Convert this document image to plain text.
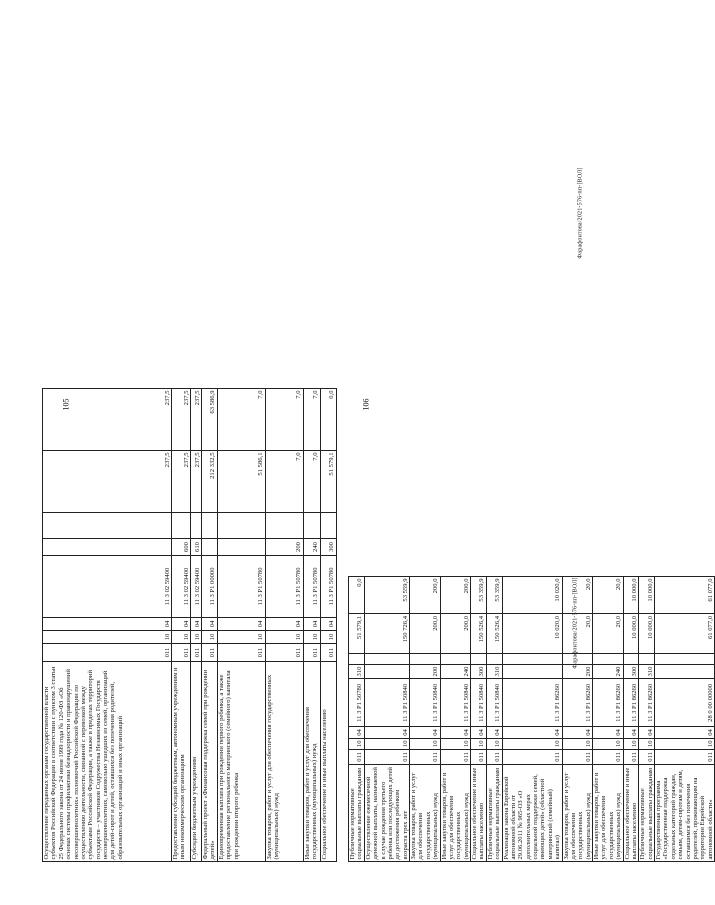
105
Фарафонтова/2021-576-пп-[ВОЛ]
Осуществление переданных органам государственной власти субъектов Российской Федерации в соответствии с пунктом 3 статьи 25 Федерального закона от 24 июня 1999 года № 120-ФЗ «Об основах системы профилактики безнадзорности и правонарушений несовершеннолетних» полномочий Российской Федерации по осуществлению деятельности, связанной с перевозкой между субъектами Российской Федерации, а также в пределах территорий государств – участников Содружества Независимых Государств несовершеннолетних, самовольно ушедших из семей, организаций для детей-сирот и детей, оставшихся без попечения родителей, образовательных организаций и иных организаций	011	10	04	11 3 02 59400			237,5	237,5
Предоставление субсидий бюджетным, автономным учреждениям и иным некоммерческим организациям	011	10	04	11 3 02 59400	600		237,5	237,5
Субсидии бюджетным учреждениям	011	10	04	11 3 02 59400	610		237,5	237,5
Федеральный проект «Финансовая поддержка семей при рождении детей»	011	10	04	11 3 P1 00000			212 332,5	63 586,9
Единовременная выплата при рождении первого ребенка, а также предоставление регионального материнского (семейного) капитала при рождении второго ребенка	011	10	04	11 3 P1 50780			51 586,1	7,0
Закупка товаров, работ и услуг для обеспечения государственных (муниципальных) нужд	011	10	04	11 3 P1 50780	200		7,0	7,0
Иные закупки товаров, работ и услуг для обеспечения государственных (муниципальных) нужд	011	10	04	11 3 P1 50780	240		7,0	7,0
Социальное обеспечение и иные выплаты населению	011	10	04	11 3 P1 50780	300		51 579,1	0,0
106
Фарафонтова/2021-576-пп-[ВОЛ]
Публичные нормативные социальные выплаты гражданам	011	10	04	11 3 P1 50780	310		51 579,1	0,0
Осуществление ежемесячной денежной выплаты, назначаемой в случае рождения третьего ребенка или последующих детей до достижения ребенком возраста трех лет	011	10	04	11 3 P1 50840			150 726,4	53 559,9
Закупка товаров, работ и услуг для обеспечения государственных (муниципальных) нужд	011	10	04	11 3 P1 50840	200		200,0	200,0
Иные закупки товаров, работ и услуг для обеспечения государственных (муниципальных) нужд	011	10	04	11 3 P1 50840	240		200,0	200,0
Социальное обеспечение и иные выплаты населению	011	10	04	11 3 P1 50840	300		150 526,4	53 359,9
Публичные нормативные социальные выплаты гражданам	011	10	04	11 3 P1 50840	310		150 526,4	53 359,9
Реализация закона Еврейской автономной области от 29.06.2011 № 965-ОЗ «О дополнительных мерах социальной поддержки семей, имеющих детей» (областной материнский (семейный) капитал)	011	10	04	11 3 P1 86260			10 020,0	10 020,0
Закупка товаров, работ и услуг для обеспечения государственных (муниципальных) нужд	011	10	04	11 3 P1 86260	200		20,0	20,0
Иные закупки товаров, работ и услуг для обеспечения государственных (муниципальных) нужд	011	10	04	11 3 P1 86260	240		20,0	20,0
Социальное обеспечение и иные выплаты населению	011	10	04	11 3 P1 86260	300		10 000,0	10 000,0
Публичные нормативные социальные выплаты гражданам	011	10	04	11 3 P1 86260	310		10 000,0	10 000,0
Государственная программа «Государственная поддержка отдельных категорий граждан, семьям, детям-сиротам и детям, оставшимся без попечения родителей, проживающим на территории Еврейской автономной области»	011	10	04	28 0 00 00000			61 077,0	61 077,0
